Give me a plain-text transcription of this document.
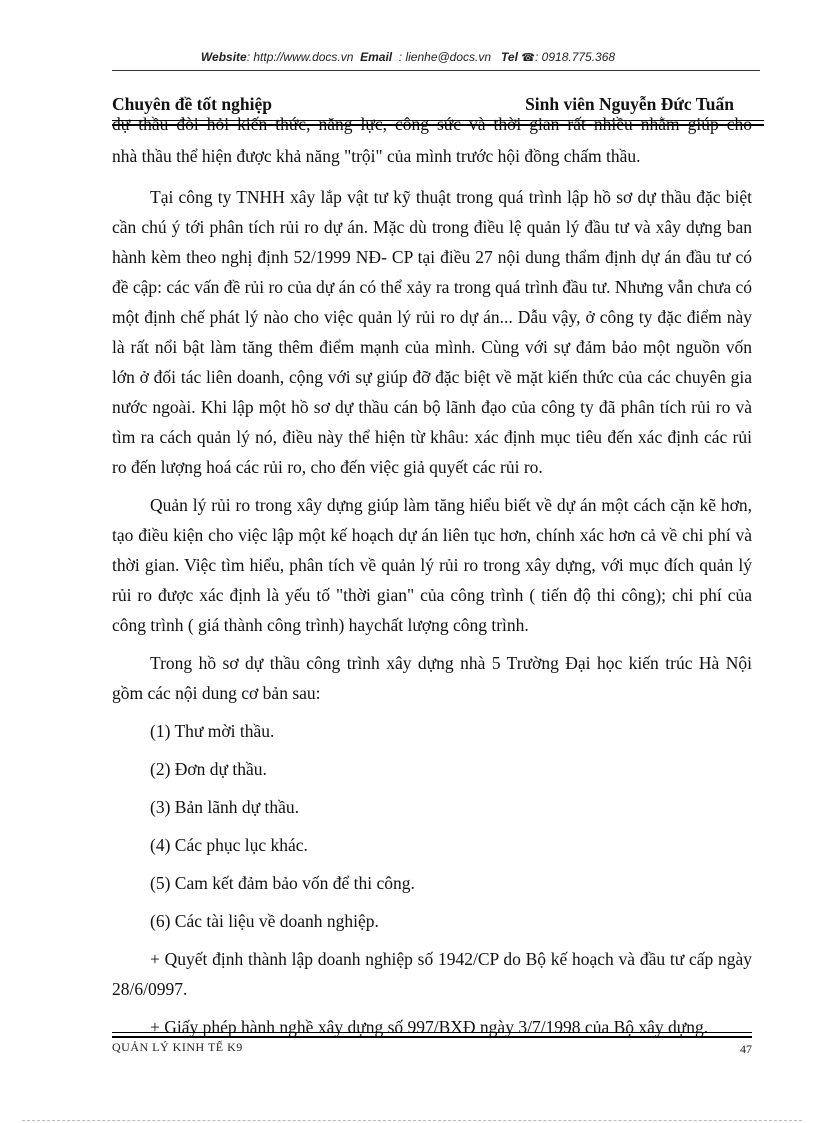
Website: http://www.docs.vn Email : lienhe@docs.vn Tel ☎: 0918.775.368
Chuyên đề tốt nghiệp	Sinh viên Nguyễn Đức Tuấn
dự thầu đòi hỏi kiến thức, năng lực, công sức và thời gian rất nhiều nhằm giúp cho

nhà thầu thể hiện được khả năng "trội" của mình trước hội đồng chấm thầu.

Tại công ty TNHH xây lắp vật tư kỹ thuật trong quá trình lập hồ sơ dự thầu đặc biệt cần chú ý tới phân tích rủi ro dự án. Mặc dù trong điều lệ quản lý đầu tư và xây dựng ban hành kèm theo nghị định 52/1999 NĐ- CP tại điều 27 nội dung thẩm định dự án đầu tư có đề cập: các vấn đề rủi ro của dự án có thể xảy ra trong quá trình đầu tư. Nhưng vẫn chưa có một định chế phát lý nào cho việc quản lý rủi ro dự án... Dẫu vậy, ở công ty đặc điểm này là rất nổi bật làm tăng thêm điểm mạnh của mình. Cùng với sự đảm bảo một nguồn vốn lớn ở đối tác liên doanh, cộng với sự giúp đỡ đặc biệt về mặt kiến thức của các chuyên gia nước ngoài. Khi lập một hồ sơ dự thầu cán bộ lãnh đạo của công ty đã phân tích rủi ro và tìm ra cách quản lý nó, điều này thể hiện từ khâu: xác định mục tiêu đến xác định các rủi ro đến lượng hoá các rủi ro, cho đến việc giả quyết các rủi ro.

Quản lý rủi ro trong xây dựng giúp làm tăng hiểu biết về dự án một cách cặn kẽ hơn, tạo điều kiện cho việc lập một kế hoạch dự án liên tục hơn, chính xác hơn cả về chi phí và thời gian. Việc tìm hiểu, phân tích về quản lý rủi ro trong xây dựng, với mục đích quản lý rủi ro được xác định là yếu tố "thời gian" của công trình ( tiến độ thi công); chi phí của công trình ( giá thành công trình) haychất lượng công trình.

Trong hồ sơ dự thầu công trình xây dựng nhà 5 Trường Đại học kiến trúc Hà Nội gồm các nội dung cơ bản sau:

(1) Thư mời thầu.

(2) Đơn dự thầu.

(3) Bản lãnh dự thầu.

(4) Các phục lục khác.

(5) Cam kết đảm bảo vốn để thi công.

(6) Các tài liệu về doanh nghiệp.

+ Quyết định thành lập doanh nghiệp số 1942/CP do Bộ kế hoạch và đầu tư cấp ngày 28/6/0997.

+ Giấy phép hành nghề xây dựng số 997/BXĐ ngày 3/7/1998 của Bộ xây dựng.

QUẢN LÝ KINH TẾ K9	47
